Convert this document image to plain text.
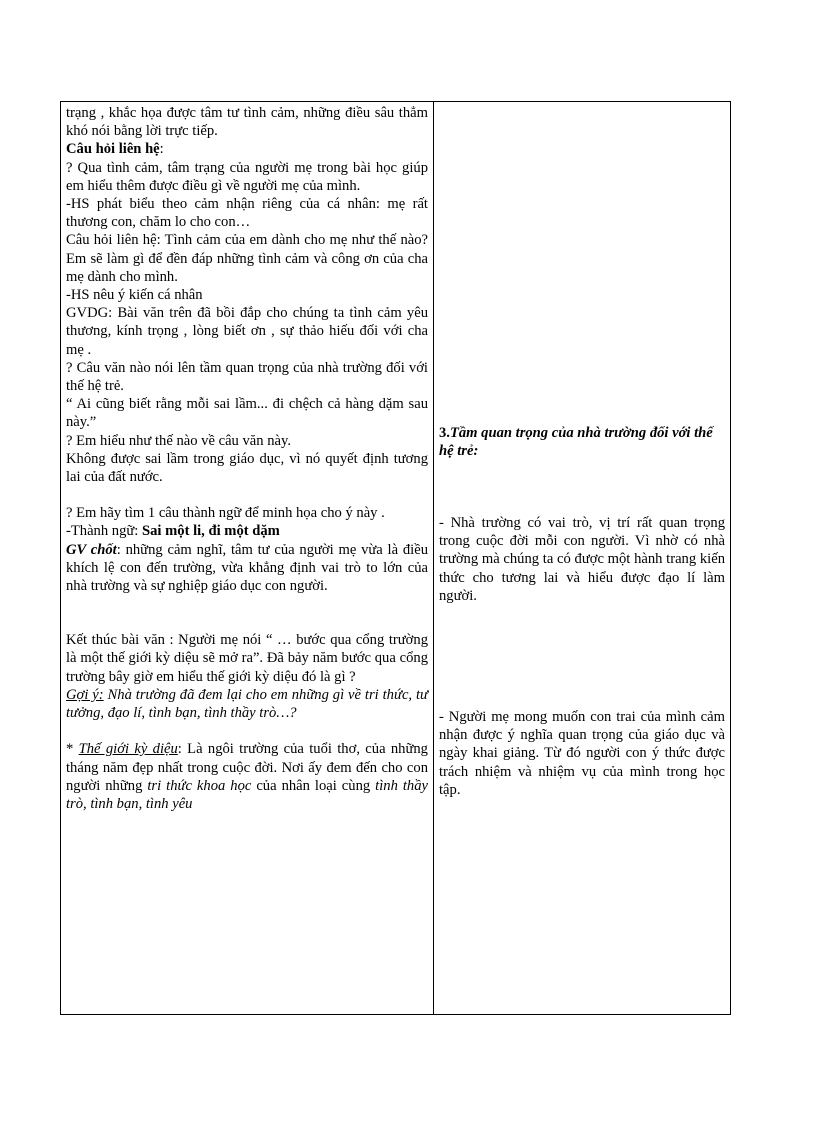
trạng , khắc họa được tâm tư tình cảm, những điều sâu thẳm khó nói bằng lời trực tiếp.

Câu hỏi liên hệ:

? Qua tình cảm, tâm trạng của người mẹ trong bài học giúp em hiểu thêm được điều gì về người mẹ của mình.

-HS phát biểu theo cảm nhận riêng của cá nhân: mẹ rất thương con, chăm lo cho con…

Câu hỏi liên hệ: Tình cảm của em dành cho mẹ như thế nào? Em sẽ làm gì để đền đáp những tình cảm và công ơn của cha mẹ dành cho mình.

-HS nêu ý kiến cá nhân

GVDG: Bài văn trên đã bồi đắp cho chúng ta tình cảm yêu thương, kính trọng , lòng biết ơn , sự thảo hiếu đối với cha mẹ .

? Câu văn nào nói lên tầm quan trọng của nhà trường đối với thế hệ trẻ.

“ Ai cũng biết rằng mỗi sai lầm... đi chệch cả hàng dặm sau này.”

? Em hiểu như thế nào về câu văn này.

Không được sai lầm trong giáo dục, vì nó quyết định tương lai của đất nước.

? Em hãy tìm 1 câu thành ngữ để minh họa cho ý này .

-Thành ngữ: Sai một li, đi một dặm

GV chốt: những cảm nghĩ, tâm tư của người mẹ vừa là điều khích lệ con đến trường, vừa khẳng định vai trò to lớn của nhà trường và sự nghiệp giáo dục con người.

Kết thúc bài văn : Người mẹ nói “ … bước qua cổng trường là một thế giới kỳ diệu sẽ mở ra”. Đã bảy năm bước qua cổng trường bây giờ em hiểu thế giới kỳ diệu đó là gì ?

Gợi ý: Nhà trường đã đem lại cho em những gì về tri thức, tư tưởng, đạo lí, tình bạn, tình thầy trò…?

* Thế giới kỳ diệu: Là ngôi trường của tuổi thơ, của những tháng năm đẹp nhất trong cuộc đời. Nơi ấy đem đến cho con người những tri thức khoa học của nhân loại cùng tình thầy trò, tình bạn, tình yêu

3.Tầm quan trọng của nhà trường đối với thế hệ trẻ:

- Nhà trường có vai trò, vị trí rất quan trọng trong cuộc đời mỗi con người. Vì nhờ có nhà trường mà chúng ta có được một hành trang kiến thức cho tương lai và hiểu được đạo lí làm người.

- Người mẹ mong muốn con trai của mình cảm nhận được ý nghĩa quan trọng của giáo dục và ngày khai giảng. Từ đó người con ý thức được trách nhiệm và nhiệm vụ của mình trong học tập.
